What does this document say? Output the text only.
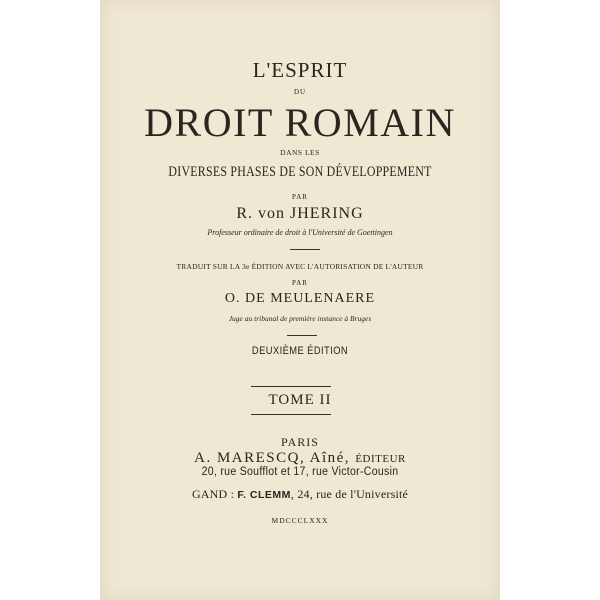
L'ESPRIT
DU
DROIT ROMAIN
DANS LES
DIVERSES PHASES DE SON DÉVELOPPEMENT
PAR
R. von JHERING
Professeur ordinaire de droit à l'Université de Goettingen
TRADUIT SUR LA 3e ÉDITION AVEC L'AUTORISATION DE L'AUTEUR
PAR
O. DE MEULENAERE
Juge au tribunal de première instance à Bruges
DEUXIÈME ÉDITION
TOME II
PARIS
A. MARESCQ, Aîné, ÉDITEUR
20, rue Soufflot et 17, rue Victor-Cousin
GAND : F. CLEMM, 24, rue de l'Université
MDCCCLXXX
